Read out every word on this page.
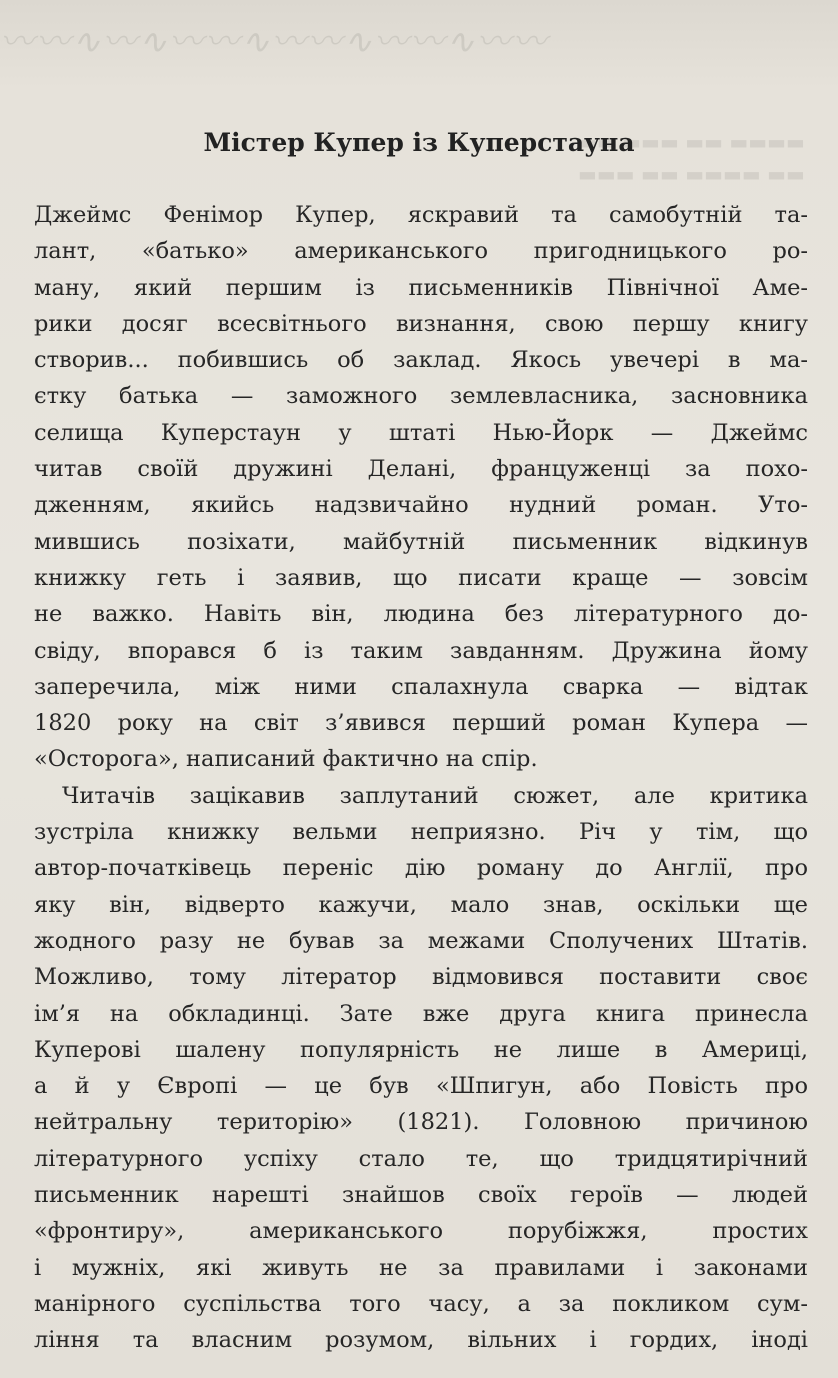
〰〰∿〰∿〰〰∿〰〰∿〰〰∿〰〰
▬▬ ▬▬▬ ▬▬ ▬▬▬▬
▬▬▬ ▬▬ ▬▬▬▬ ▬▬
Містер Купер із Куперстауна
Джеймс Фенімор Купер, яскравий та самобутній та-
лант, «батько» американського пригодницького ро-
ману, який першим із письменників Північної Аме-
рики досяг всесвітнього визнання, свою першу книгу
створив... побившись об заклад. Якось увечері в ма-
єтку батька — заможного землевласника, засновника
селища Куперстаун у штаті Нью-Йорк — Джеймс
читав своїй дружині Делані, француженці за похо-
дженням, якийсь надзвичайно нудний роман. Уто-
мившись позіхати, майбутній письменник відкинув
книжку геть і заявив, що писати краще — зовсім
не важко. Навіть він, людина без літературного до-
свіду, впорався б із таким завданням. Дружина йому
заперечила, між ними спалахнула сварка — відтак
1820 року на світ з’явився перший роман Купера —
«Осторога», написаний фактично на спір.
Читачів зацікавив заплутаний сюжет, але критика
зустріла книжку вельми неприязно. Річ у тім, що
автор-початківець переніс дію роману до Англії, про
яку він, відверто кажучи, мало знав, оскільки ще
жодного разу не бував за межами Сполучених Штатів.
Можливо, тому літератор відмовився поставити своє
ім’я на обкладинці. Зате вже друга книга принесла
Куперові шалену популярність не лише в Америці,
а й у Європі — це був «Шпигун, або Повість про
нейтральну територію» (1821). Головною причиною
літературного успіху стало те, що тридцятирічний
письменник нарешті знайшов своїх героїв — людей
«фронтиру», американського порубіжжя, простих
і мужніх, які живуть не за правилами і законами
манірного суспільства того часу, а за покликом сум-
ління та власним розумом, вільних і гордих, іноді
